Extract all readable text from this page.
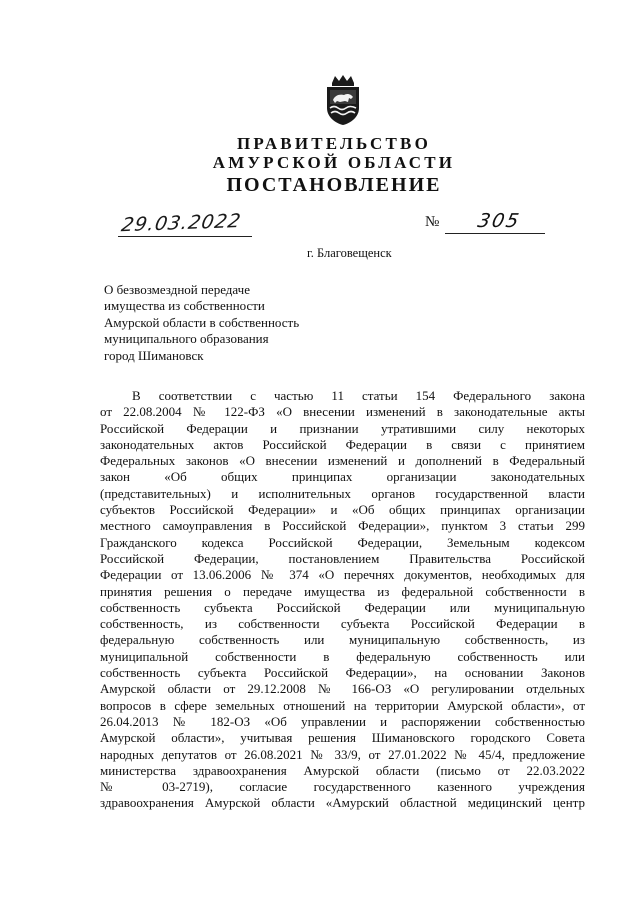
ПРАВИТЕЛЬСТВО
АМУРСКОЙ ОБЛАСТИ
ПОСТАНОВЛЕНИЕ
29.03.2022	№ 305
г. Благовещенск
О безвозмездной передаче
имущества из собственности
Амурской области в собственность
муниципального образования
город Шимановск
В соответствии с частью 11 статьи 154 Федерального закона
от 22.08.2004 № 122-ФЗ «О внесении изменений в законодательные акты
Российской Федерации и признании утратившими силу некоторых
законодательных актов Российской Федерации в связи с принятием
Федеральных законов «О внесении изменений и дополнений в Федеральный
закон «Об общих принципах организации законодательных
(представительных) и исполнительных органов государственной власти
субъектов Российской Федерации» и «Об общих принципах организации
местного самоуправления в Российской Федерации», пунктом 3 статьи 299
Гражданского кодекса Российской Федерации, Земельным кодексом
Российской Федерации, постановлением Правительства Российской
Федерации от 13.06.2006 № 374 «О перечнях документов, необходимых для
принятия решения о передаче имущества из федеральной собственности в
собственность субъекта Российской Федерации или муниципальную
собственность, из собственности субъекта Российской Федерации в
федеральную собственность или муниципальную собственность, из
муниципальной собственности в федеральную собственность или
собственность субъекта Российской Федерации», на основании Законов
Амурской области от 29.12.2008 № 166-ОЗ «О регулировании отдельных
вопросов в сфере земельных отношений на территории Амурской области», от
26.04.2013 № 182-ОЗ «Об управлении и распоряжении собственностью
Амурской области», учитывая решения Шимановского городского Совета
народных депутатов от 26.08.2021 № 33/9, от 27.01.2022 № 45/4, предложение
министерства здравоохранения Амурской области (письмо от 22.03.2022
№ 03-2719), согласие государственного казенного учреждения
здравоохранения Амурской области «Амурский областной медицинский центр
